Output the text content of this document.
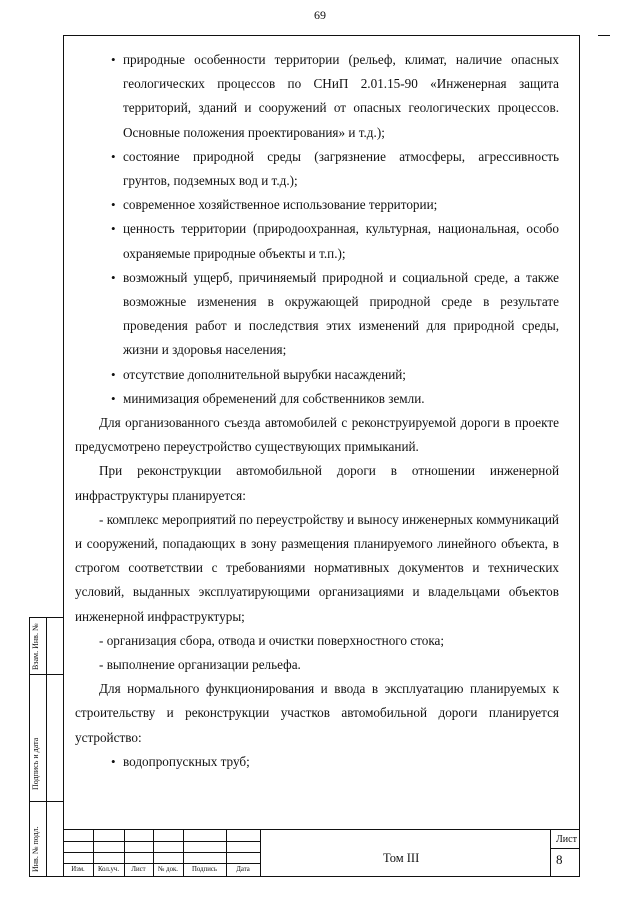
69

• природные особенности территории (рельеф, климат, наличие опасных геологических процессов по СНиП 2.01.15-90 «Инженерная защита территорий, зданий и сооружений от опасных геологических процессов. Основные положения проектирования» и т.д.);

• состояние природной среды (загрязнение атмосферы, агрессивность грунтов, подземных вод и т.д.);

• современное хозяйственное использование территории;

• ценность территории (природоохранная, культурная, национальная, особо охраняемые природные объекты и т.п.);

• возможный ущерб, причиняемый природной и социальной среде, а также возможные изменения в окружающей природной среде в результате проведения работ и последствия этих изменений для природной среды, жизни и здоровья населения;

• отсутствие дополнительной вырубки насаждений;

• минимизация обременений для собственников земли.

Для организованного съезда автомобилей с реконструируемой дороги в проекте предусмотрено переустройство существующих примыканий.

При реконструкции автомобильной дороги в отношении инженерной инфраструктуры планируется:

- комплекс мероприятий по переустройству и выносу инженерных коммуникаций и сооружений, попадающих в зону размещения планируемого линейного объекта, в строгом соответствии с требованиями нормативных документов и технических условий, выданных эксплуатирующими организациями и владельцами объектов инженерной инфраструктуры;

- организация сбора, отвода и очистки поверхностного стока;

- выполнение организации рельефа.

Для нормального функционирования и ввода в эксплуатацию планируемых к строительству и реконструкции участков автомобильной дороги планируется устройство:

• водопропускных труб;

Взам. Инв. №
Подпись и дата
Инв. № подл.	Изм.	Кол.уч.	Лист	№ док.	Подпись	Дата
Том III
Лист
8
